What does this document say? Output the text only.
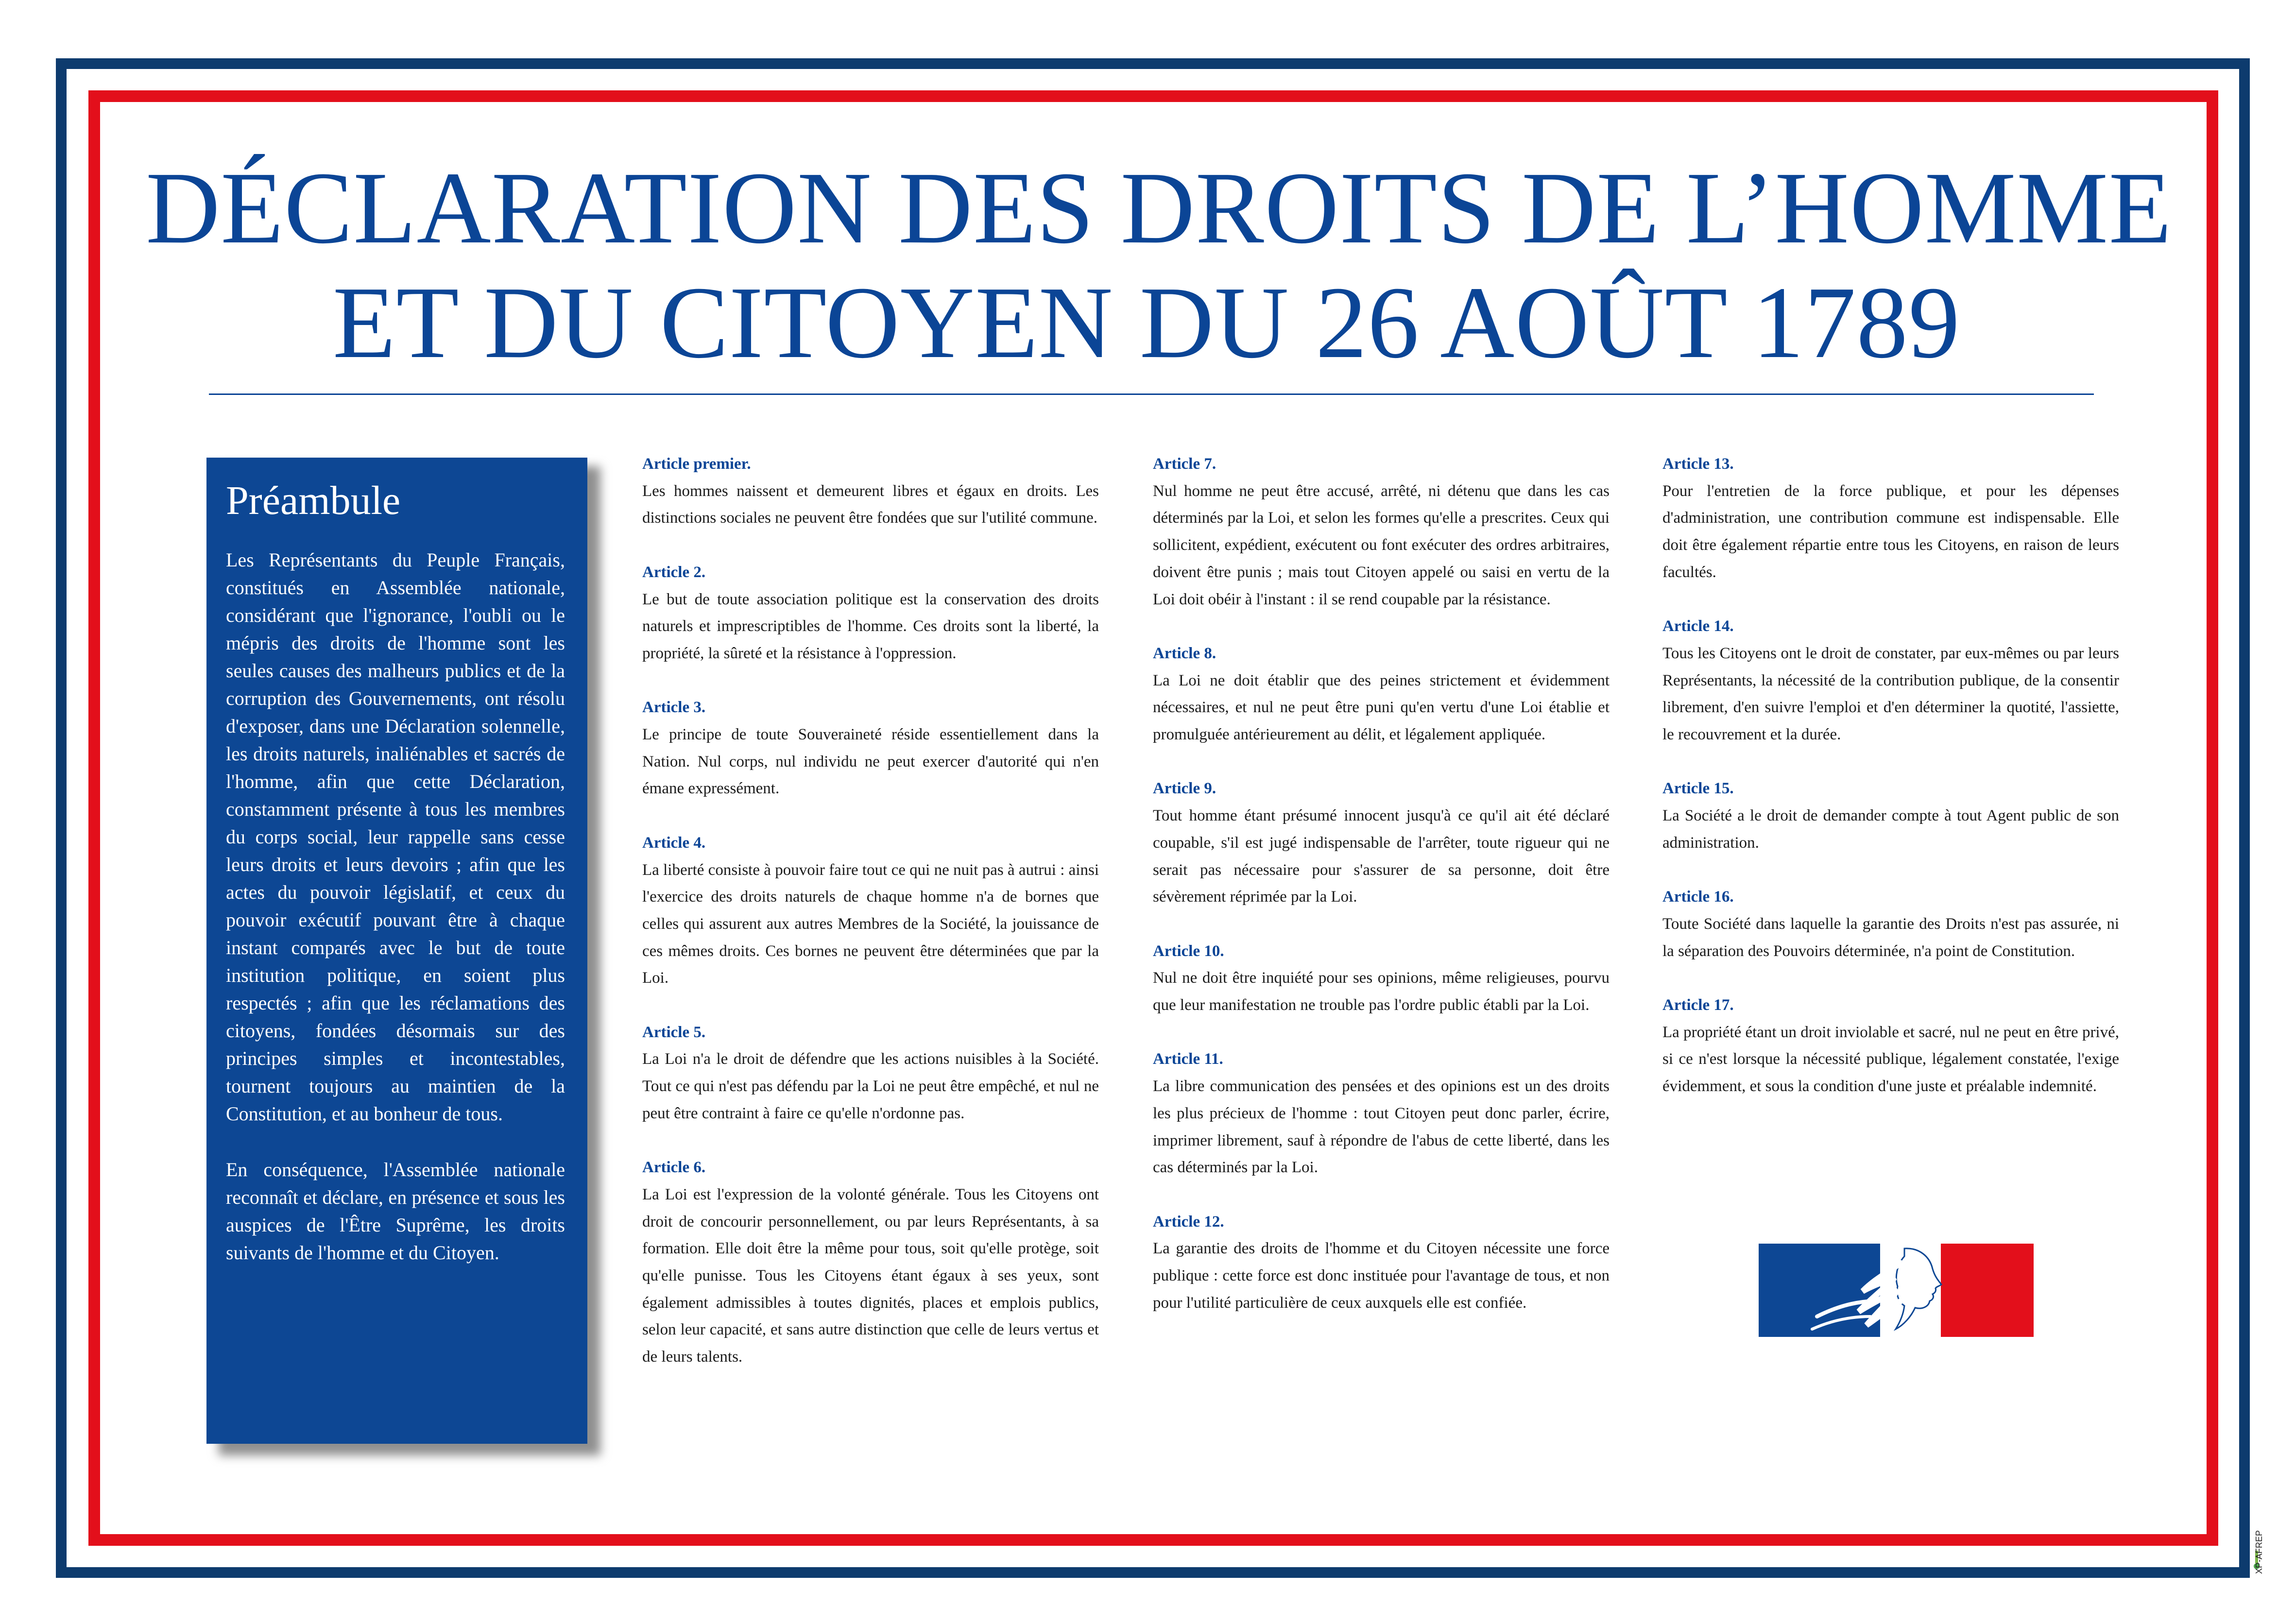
DÉCLARATION DES DROITS DE L’HOMME
ET DU CITOYEN DU 26 AOÛT 1789
Préambule

Les Représentants du Peuple Français, constitués en Assemblée nationale, considérant que l'ignorance, l'oubli ou le mépris des droits de l'homme sont les seules causes des malheurs publics et de la corruption des Gouvernements, ont résolu d'exposer, dans une Déclaration solennelle, les droits naturels, inaliénables et sacrés de l'homme, afin que cette Déclaration, constamment présente à tous les membres du corps social, leur rappelle sans cesse leurs droits et leurs devoirs ; afin que les actes du pouvoir législatif, et ceux du pouvoir exécutif pouvant être à chaque instant comparés avec le but de toute institution politique, en soient plus respectés ; afin que les réclamations des citoyens, fondées désormais sur des principes simples et incontestables, tournent toujours au maintien de la Constitution, et au bonheur de tous.

En conséquence, l'Assemblée nationale reconnaît et déclare, en présence et sous les auspices de l'Être Suprême, les droits suivants de l'homme et du Citoyen.

Article premier.
Les hommes naissent et demeurent libres et égaux en droits. Les distinctions sociales ne peuvent être fondées que sur l'utilité commune.
Article 2.
Le but de toute association politique est la conservation des droits naturels et imprescriptibles de l'homme. Ces droits sont la liberté, la propriété, la sûreté et la résistance à l'oppression.
Article 3.
Le principe de toute Souveraineté réside essentiellement dans la Nation. Nul corps, nul individu ne peut exercer d'autorité qui n'en émane expressément.
Article 4.
La liberté consiste à pouvoir faire tout ce qui ne nuit pas à autrui : ainsi l'exercice des droits naturels de chaque homme n'a de bornes que celles qui assurent aux autres Membres de la Société, la jouissance de ces mêmes droits. Ces bornes ne peuvent être déterminées que par la Loi.
Article 5.
La Loi n'a le droit de défendre que les actions nuisibles à la Société. Tout ce qui n'est pas défendu par la Loi ne peut être empêché, et nul ne peut être contraint à faire ce qu'elle n'ordonne pas.
Article 6.
La Loi est l'expression de la volonté générale. Tous les Citoyens ont droit de concourir personnellement, ou par leurs Représentants, à sa formation. Elle doit être la même pour tous, soit qu'elle protège, soit qu'elle punisse. Tous les Citoyens étant égaux à ses yeux, sont également admissibles à toutes dignités, places et emplois publics, selon leur capacité, et sans autre distinction que celle de leurs vertus et de leurs talents.
Article 7.
Nul homme ne peut être accusé, arrêté, ni détenu que dans les cas déterminés par la Loi, et selon les formes qu'elle a prescrites. Ceux qui sollicitent, expédient, exécutent ou font exécuter des ordres arbitraires, doivent être punis ; mais tout Citoyen appelé ou saisi en vertu de la Loi doit obéir à l'instant : il se rend coupable par la résistance.
Article 8.
La Loi ne doit établir que des peines strictement et évidemment nécessaires, et nul ne peut être puni qu'en vertu d'une Loi établie et promulguée antérieurement au délit, et légalement appliquée.
Article 9.
Tout homme étant présumé innocent jusqu'à ce qu'il ait été déclaré coupable, s'il est jugé indispensable de l'arrêter, toute rigueur qui ne serait pas nécessaire pour s'assurer de sa personne, doit être sévèrement réprimée par la Loi.
Article 10.
Nul ne doit être inquiété pour ses opinions, même religieuses, pourvu que leur manifestation ne trouble pas l'ordre public établi par la Loi.
Article 11.
La libre communication des pensées et des opinions est un des droits les plus précieux de l'homme : tout Citoyen peut donc parler, écrire, imprimer librement, sauf à répondre de l'abus de cette liberté, dans les cas déterminés par la Loi.
Article 12.
La garantie des droits de l'homme et du Citoyen nécessite une force publique : cette force est donc instituée pour l'avantage de tous, et non pour l'utilité particulière de ceux auxquels elle est confiée.
Article 13.
Pour l'entretien de la force publique, et pour les dépenses d'administration, une contribution commune est indispensable. Elle doit être également répartie entre tous les Citoyens, en raison de leurs facultés.
Article 14.
Tous les Citoyens ont le droit de constater, par eux-mêmes ou par leurs Représentants, la nécessité de la contribution publique, de la consentir librement, d'en suivre l'emploi et d'en déterminer la quotité, l'assiette, le recouvrement et la durée.
Article 15.
La Société a le droit de demander compte à tout Agent public de son administration.
Article 16.
Toute Société dans laquelle la garantie des Droits n'est pas assurée, ni la séparation des Pouvoirs déterminée, n'a point de Constitution.
Article 17.
La propriété étant un droit inviolable et sacré, nul ne peut en être privé, si ce n'est lorsque la nécessité publique, légalement constatée, l'exige évidemment, et sous la condition d'une juste et préalable indemnité.
XP-AFREP
